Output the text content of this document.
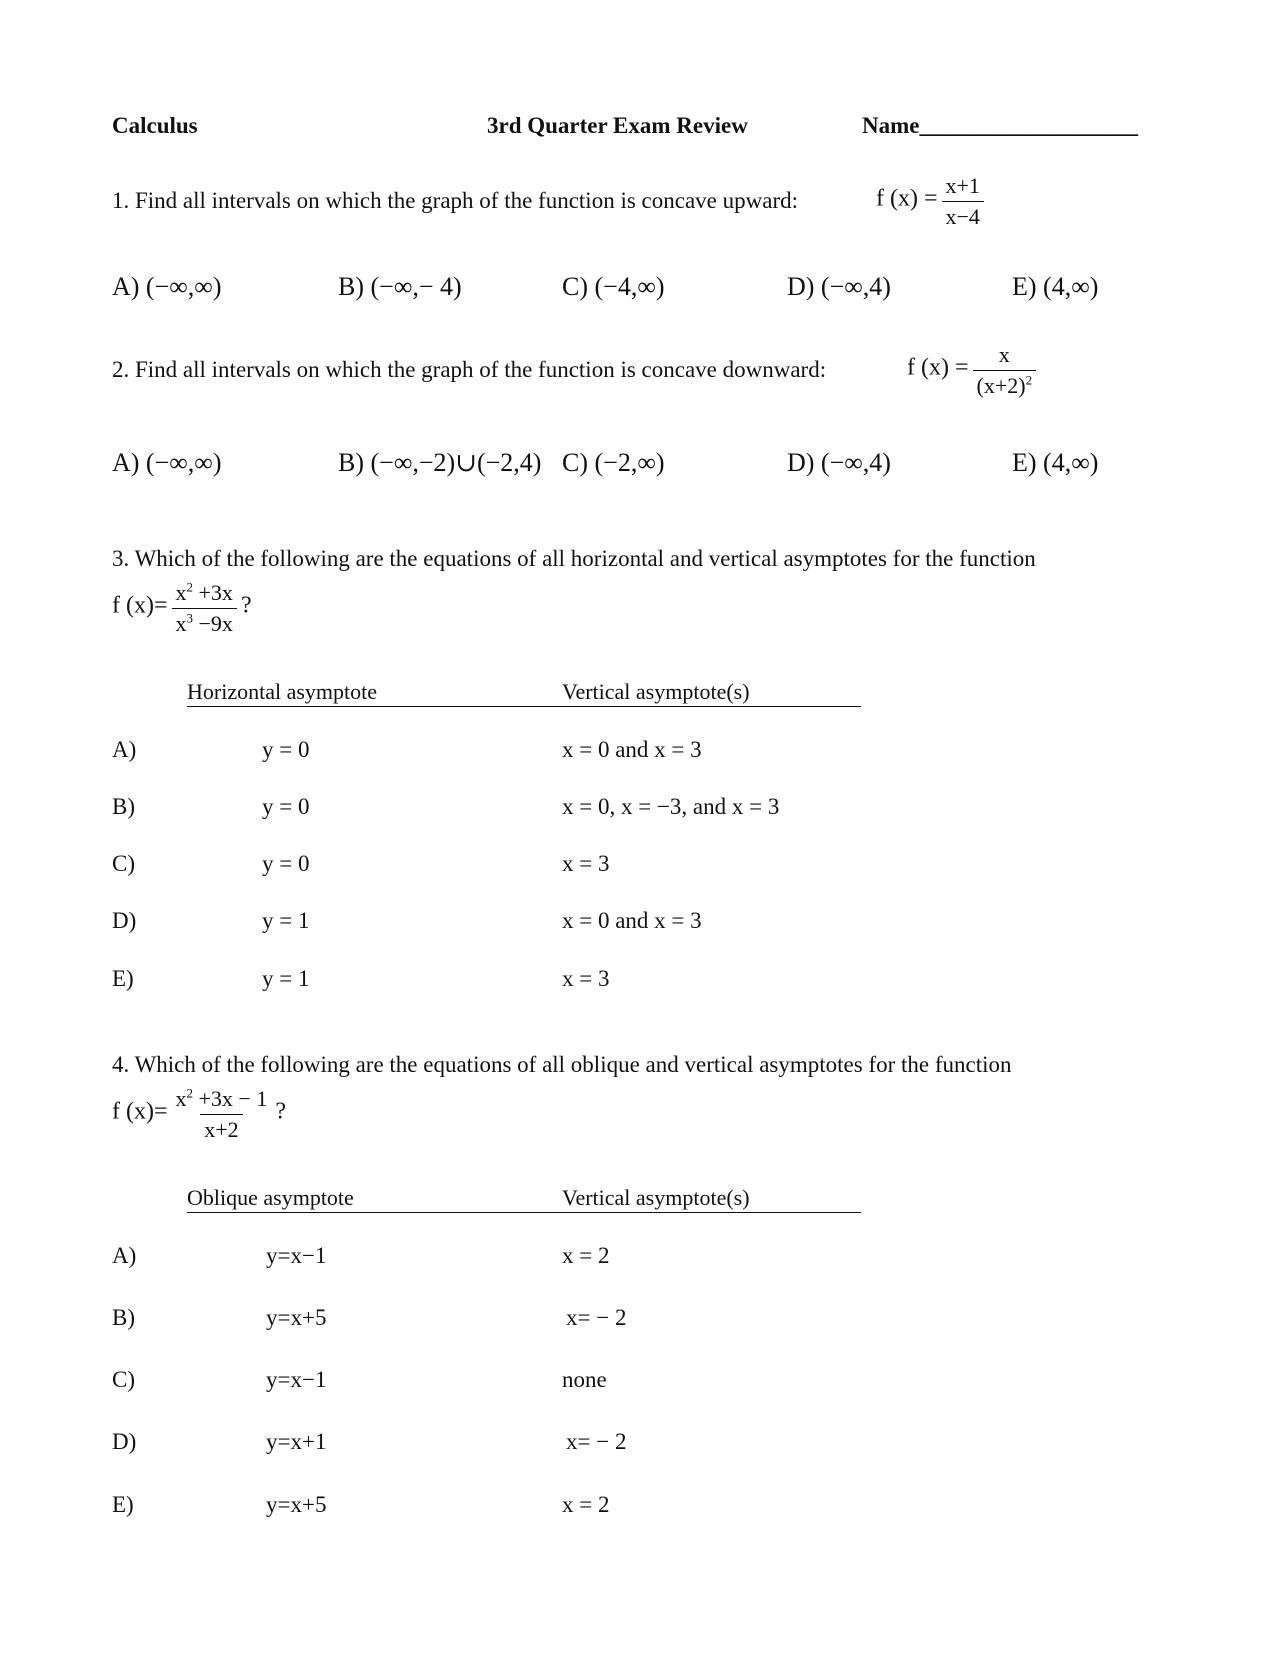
Calculus	3rd Quarter Exam Review	Name___________________
1. Find all intervals on which the graph of the function is concave upward:	f $(x) = \frac{x+1}{x-4}$
A) (−∞,∞)	B) (−∞,− 4)	C) (−4,∞)	D) (−∞,4)	E) (4,∞)
2. Find all intervals on which the graph of the function is concave downward:	f $(x) = \frac{x}{(x+2)^2}$
A) (−∞,∞)	B) (−∞,−2)∪(−2,4) C) (−2,∞)	D) (−∞,4)	E) (4,∞)
3. Which of the following are the equations of all horizontal and vertical asymptotes for the function
f $(x)= \frac{x^2 +3x}{x^3 -9x}$ ?
Horizontal asymptote	Vertical asymptote(s)
A)	y = 0	x = 0 and x = 3
B)	y = 0	x = 0, x = −3, and x = 3
C)	y = 0	x = 3
D)	y = 1	x = 0 and x = 3
E)	y = 1	x = 3
4. Which of the following are the equations of all oblique and vertical asymptotes for the function
f $(x)= \frac{x^2 +3x - 1}{x+2}$ ?
Oblique asymptote	Vertical asymptote(s)
A)	y=x−1	x = 2
B)	y=x+5	x= − 2
C)	y=x−1	none
D)	y=x+1	x= − 2
E)	y=x+5	x = 2
